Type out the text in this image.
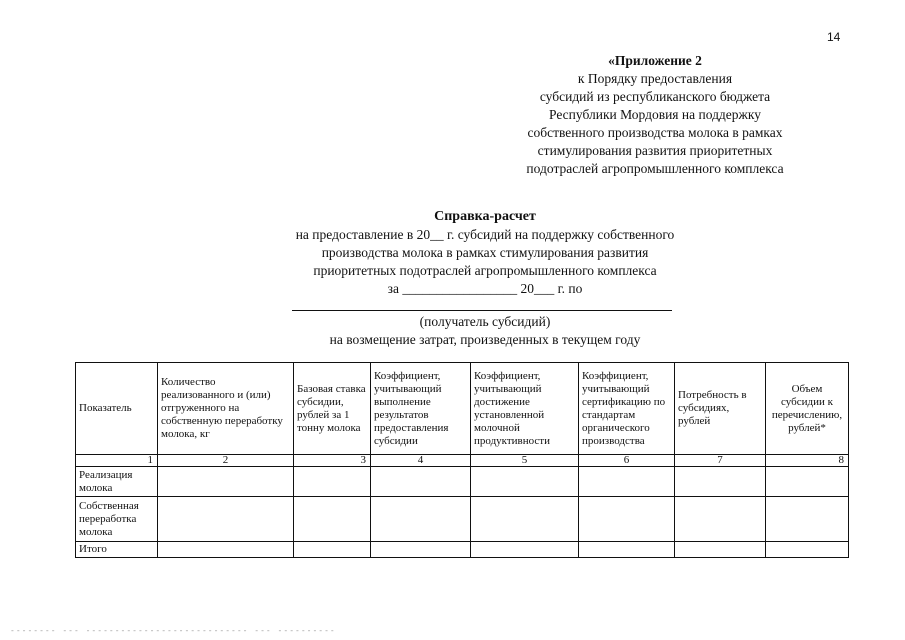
14
«Приложение 2
к Порядку предоставления
субсидий из республиканского бюджета
Республики Мордовия на поддержку
собственного производства молока в рамках
стимулирования развития приоритетных
подотраслей агропромышленного комплекса
Справка-расчет
на предоставление в 20__ г. субсидий на поддержку собственного
производства молока в рамках стимулирования развития
приоритетных подотраслей агропромышленного комплекса
за _________________ 20___ г. по
(получатель субсидий)
на возмещение затрат, произведенных в текущем году
Показатель	Количество реализованного и (или) отгруженного на собственную переработку молока, кг	Базовая ставка субсидии, рублей за 1 тонну молока	Коэффициент, учитывающий выполнение результатов предоставления субсидии	Коэффициент, учитывающий достижение установленной молочной продуктивности	Коэффициент, учитывающий сертификацию по стандартам органического производства	Потребность в субсидиях, рублей	Объем субсидии к перечислению, рублей*
1	2	3	4	5	6	7	8
Реализация молока							
Собственная переработка молока							
Итого							
-------- --- ---------------------------- --- ----------
